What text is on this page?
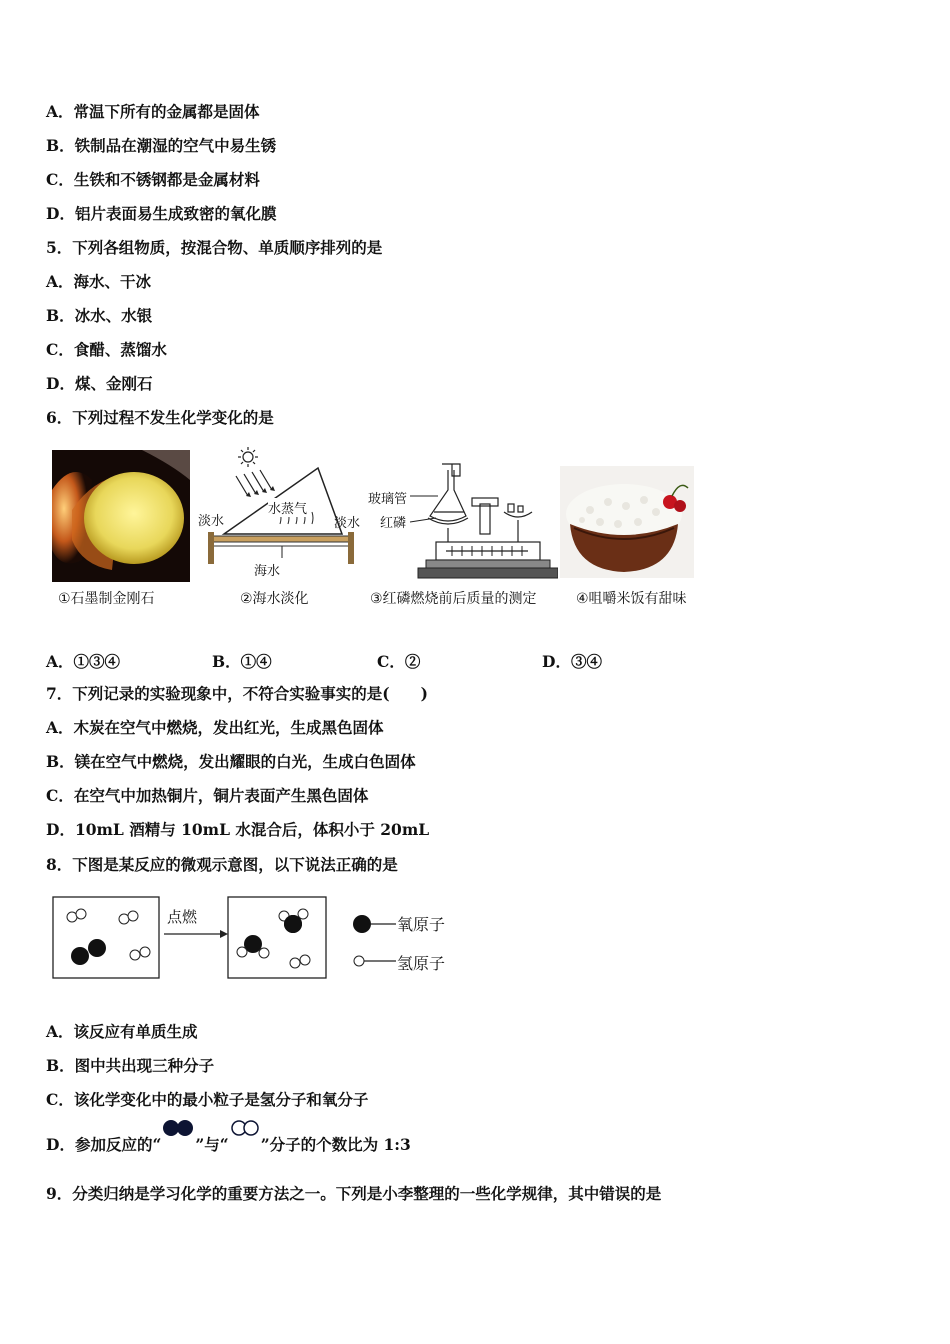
A．常温下所有的金属都是固体
B．铁制品在潮湿的空气中易生锈
C．生铁和不锈钢都是金属材料
D．铝片表面易生成致密的氧化膜
5．下列各组物质，按混合物、单质顺序排列的是
A．海水、干冰
B．冰水、水银
C．食醋、蒸馏水
D．煤、金刚石
6．下列过程不发生化学变化的是
①石墨制金刚石
淡水
水蒸气
淡水
海水
②海水淡化
玻璃管
红磷
③红磷燃烧前后质量的测定	④咀嚼米饭有甜味
A．①③④	B．①④	C．②	D．③④
7．下列记录的实验现象中，不符合实验事实的是(　　)
A．木炭在空气中燃烧，发出红光，生成黑色固体
B．镁在空气中燃烧，发出耀眼的白光，生成白色固体
C．在空气中加热铜片，铜片表面产生黑色固体
D．10mL 酒精与 10mL 水混合后，体积小于 20mL
8．下图是某反应的微观示意图，以下说法正确的是
点燃	氧原子
氢原子
A．该反应有单质生成
B．图中共出现三种分子
C．该化学变化中的最小粒子是氢分子和氧分子
D．参加反应的“ ”与“ ”分子的个数比为 1:3
9．分类归纳是学习化学的重要方法之一。下列是小李整理的一些化学规律，其中错误的是
